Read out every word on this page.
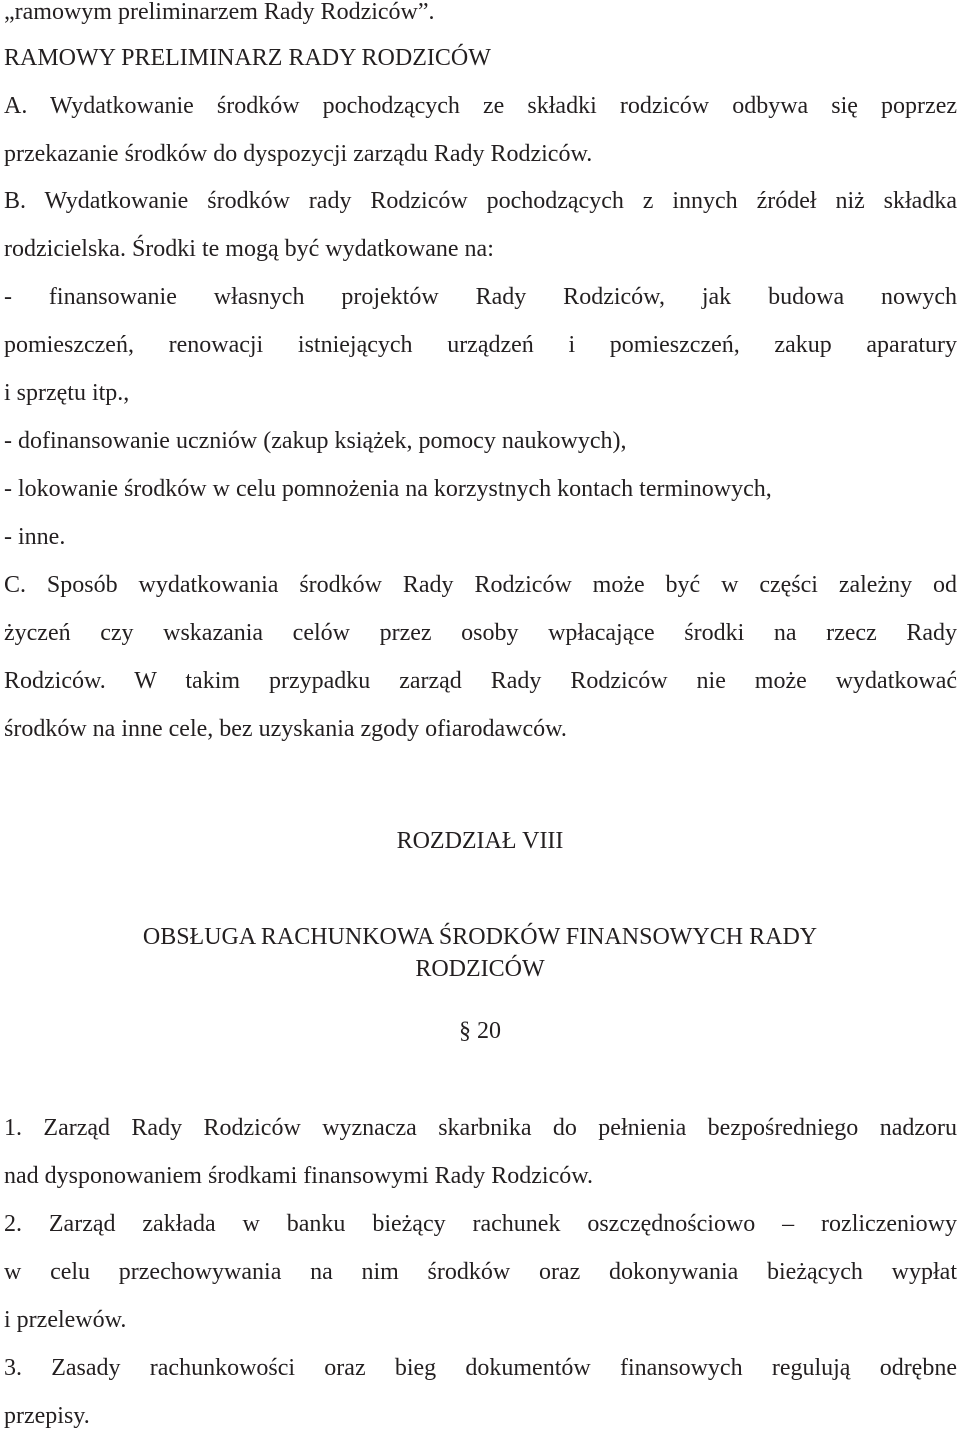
„ramowym preliminarzem Rady Rodziców”.
RAMOWY PRELIMINARZ RADY RODZICÓW
A. Wydatkowanie środków pochodzących ze składki rodziców odbywa się poprzez
przekazanie środków do dyspozycji zarządu Rady Rodziców.
B. Wydatkowanie środków rady Rodziców pochodzących z innych źródeł niż składka
rodzicielska. Środki te mogą być wydatkowane na:
- finansowanie własnych projektów Rady Rodziców, jak budowa nowych
pomieszczeń, renowacji istniejących urządzeń i pomieszczeń, zakup aparatury
i sprzętu itp.,
- dofinansowanie uczniów (zakup książek, pomocy naukowych),
- lokowanie środków w celu pomnożenia na korzystnych kontach terminowych,
- inne.
C. Sposób wydatkowania środków Rady Rodziców może być w części zależny od
życzeń czy wskazania celów przez osoby wpłacające środki na rzecz Rady
Rodziców. W takim przypadku zarząd Rady Rodziców nie może wydatkować
środków na inne cele, bez uzyskania zgody ofiarodawców.
ROZDZIAŁ VIII
OBSŁUGA RACHUNKOWA ŚRODKÓW FINANSOWYCH RADY
RODZICÓW
§ 20
1. Zarząd Rady Rodziców wyznacza skarbnika do pełnienia bezpośredniego nadzoru
nad dysponowaniem środkami finansowymi Rady Rodziców.
2. Zarząd zakłada w banku bieżący rachunek oszczędnościowo – rozliczeniowy
w celu przechowywania na nim środków oraz dokonywania bieżących wypłat
i przelewów.
3. Zasady rachunkowości oraz bieg dokumentów finansowych regulują odrębne
przepisy.
